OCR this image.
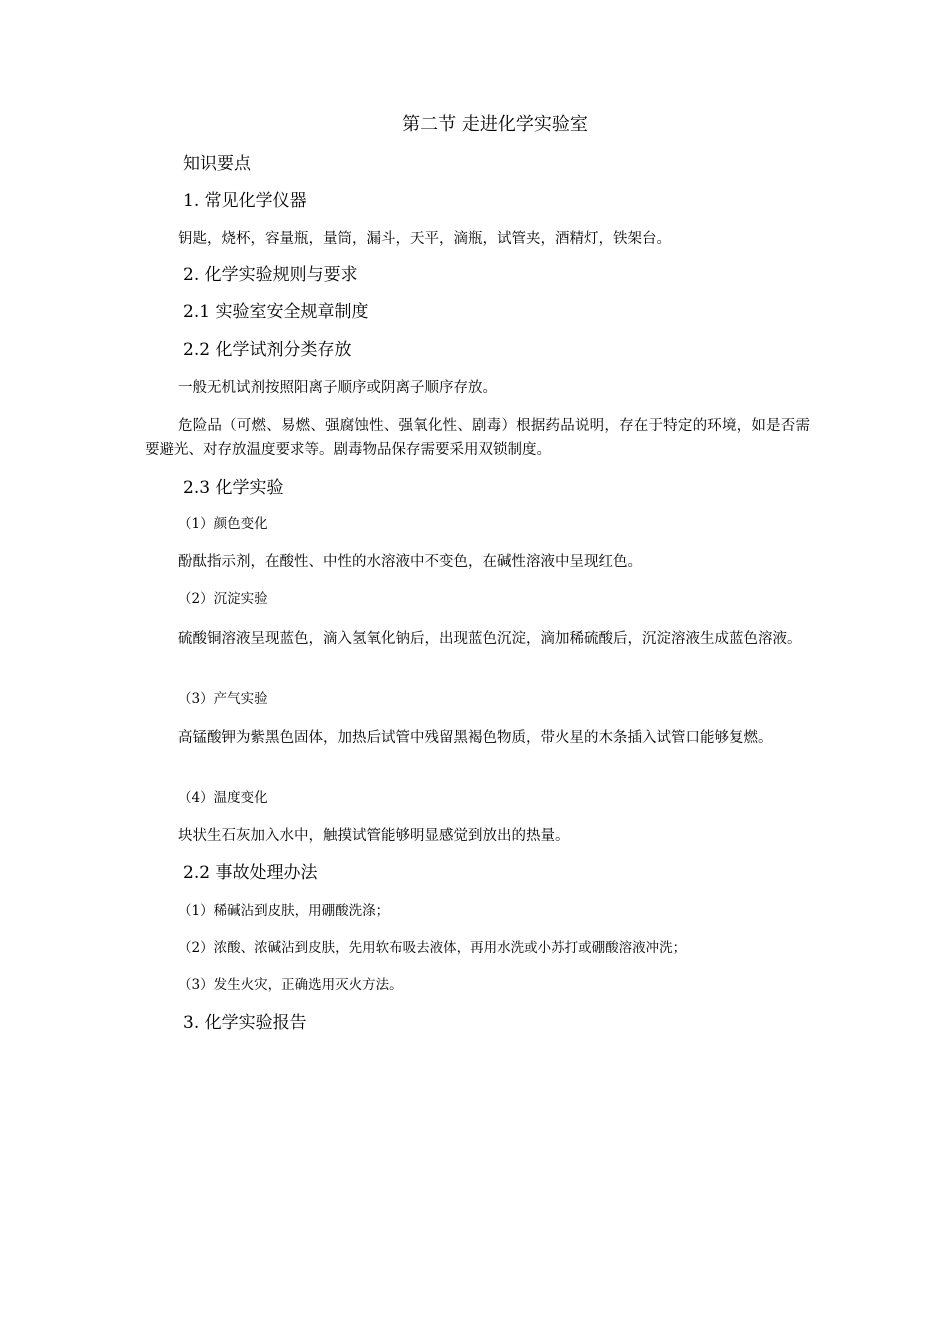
第二节 走进化学实验室
知识要点
1. 常见化学仪器
钥匙，烧杯，容量瓶，量筒，漏斗，天平，滴瓶，试管夹，酒精灯，铁架台。
2. 化学实验规则与要求
2.1 实验室安全规章制度
2.2 化学试剂分类存放
一般无机试剂按照阳离子顺序或阴离子顺序存放。
危险品（可燃、易燃、强腐蚀性、强氧化性、剧毒）根据药品说明，存在于特定的环境，如是否需要避光、对存放温度要求等。剧毒物品保存需要采用双锁制度。
2.3 化学实验
（1）颜色变化
酚酞指示剂，在酸性、中性的水溶液中不变色，在碱性溶液中呈现红色。
（2）沉淀实验
硫酸铜溶液呈现蓝色，滴入氢氧化钠后，出现蓝色沉淀，滴加稀硫酸后，沉淀溶液生成蓝色溶液。
（3）产气实验
高锰酸钾为紫黑色固体，加热后试管中残留黑褐色物质，带火星的木条插入试管口能够复燃。
（4）温度变化
块状生石灰加入水中，触摸试管能够明显感觉到放出的热量。
2.2 事故处理办法
（1）稀碱沾到皮肤，用硼酸洗涤；
（2）浓酸、浓碱沾到皮肤，先用软布吸去液体，再用水洗或小苏打或硼酸溶液冲洗；
（3）发生火灾，正确选用灭火方法。
3. 化学实验报告
